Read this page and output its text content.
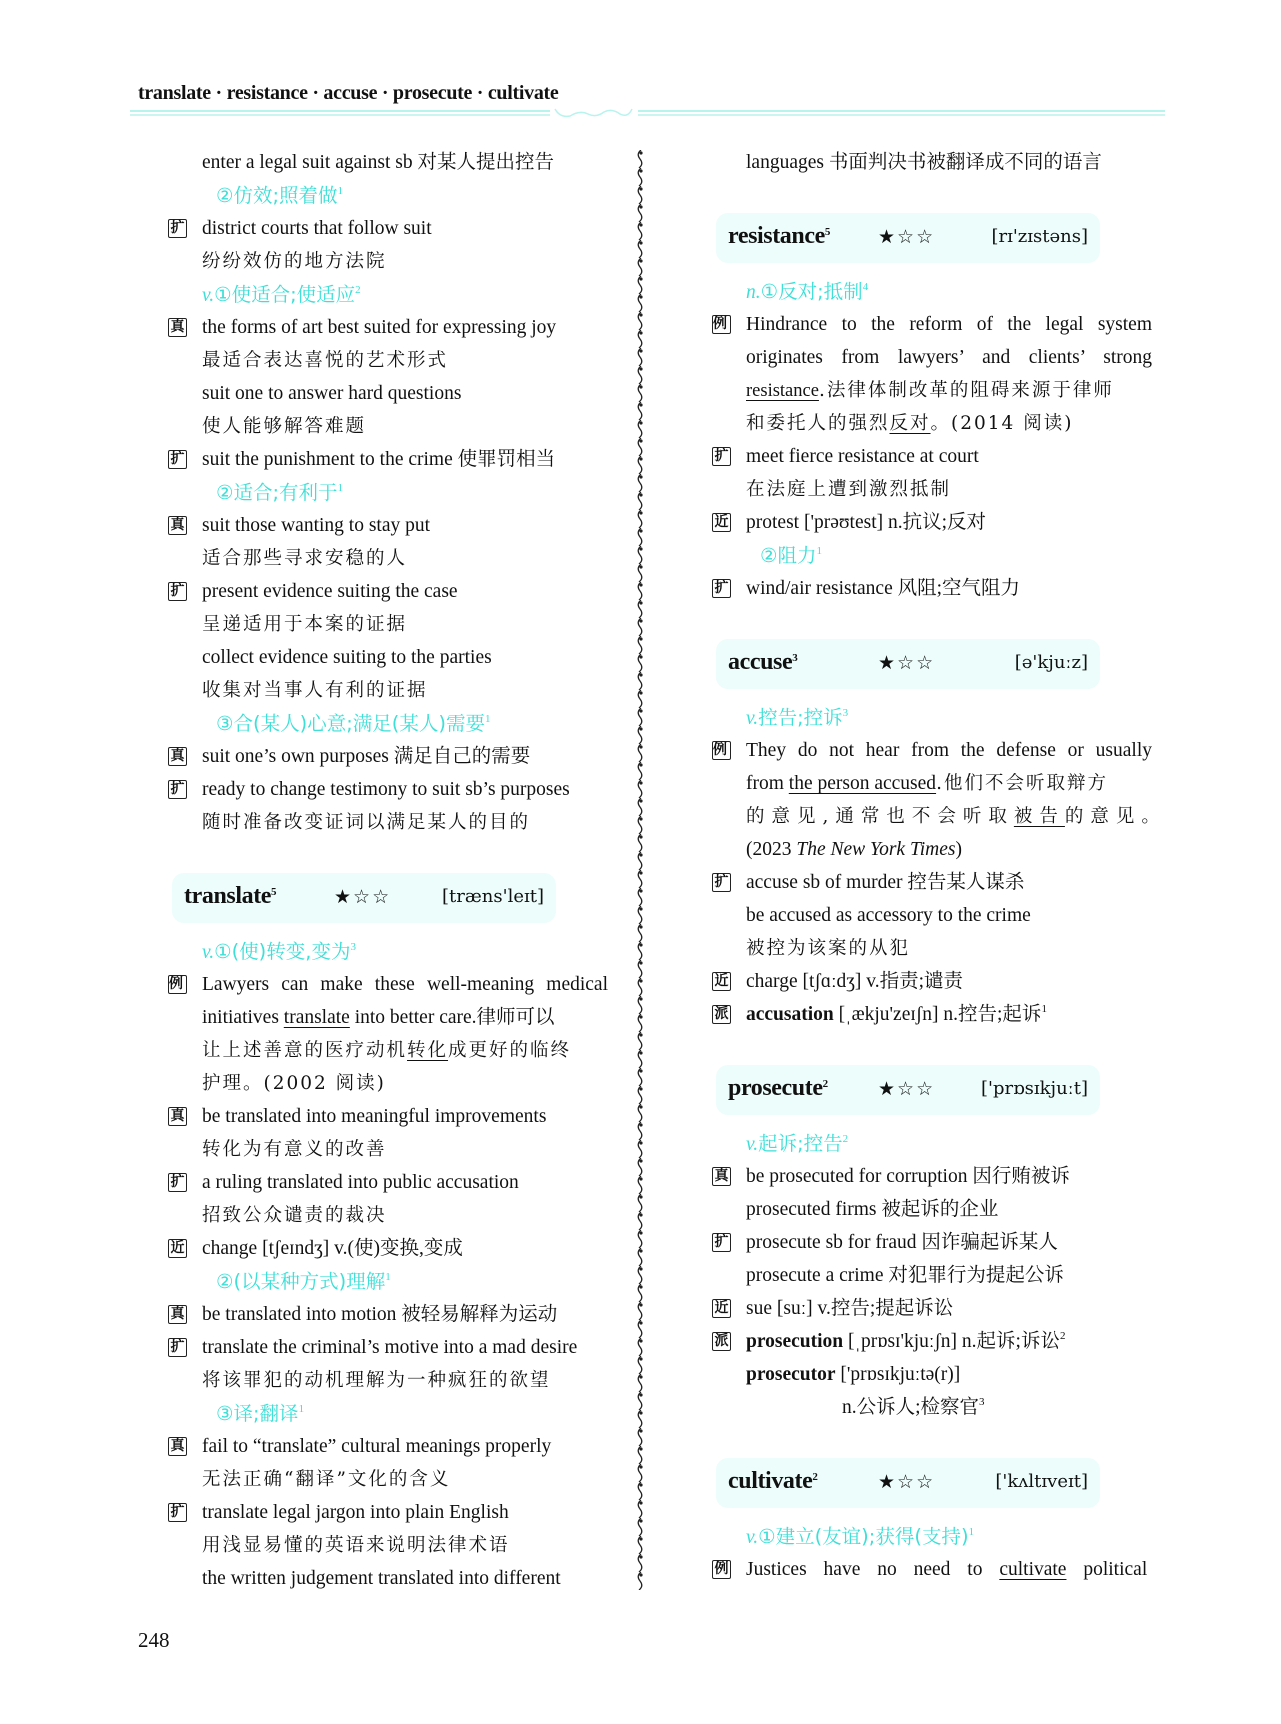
translate · resistance · accuse · prosecute · cultivate
enter a legal suit against sb 对某人提出控告
②仿效;照着做$^1$
扩 district courts that follow suit
纷纷效仿的地方法院
v.①使适合;使适应$^2$
真 the forms of art best suited for expressing joy
最适合表达喜悦的艺术形式
suit one to answer hard questions
使人能够解答难题
扩 suit the punishment to the crime 使罪罚相当
②适合;有利于$^1$
真 suit those wanting to stay put
适合那些寻求安稳的人
扩 present evidence suiting the case
呈递适用于本案的证据
collect evidence suiting to the parties
收集对当事人有利的证据
③合(某人)心意;满足(某人)需要$^1$
真 suit one’s own purposes 满足自己的需要
扩 ready to change testimony to suit sb’s purposes
随时准备改变证词以满足某人的目的
translate$^5$	★☆☆	[træns'leɪt]
v.①(使)转变,变为$^3$
例 Lawyers can make these well-meaning medical
initiatives translate into better care.律师可以
让上述善意的医疗动机转化成更好的临终
护理。(2002 阅读)
真 be translated into meaningful improvements
转化为有意义的改善
扩 a ruling translated into public accusation
招致公众谴责的裁决
近 change [tʃeɪndʒ] v.(使)变换,变成
②(以某种方式)理解$^1$
真 be translated into motion 被轻易解释为运动
扩 translate the criminal’s motive into a mad desire
将该罪犯的动机理解为一种疯狂的欲望
③译;翻译$^1$
真 fail to “translate” cultural meanings properly
无法正确“翻译”文化的含义
扩 translate legal jargon into plain English
用浅显易懂的英语来说明法律术语
the written judgement translated into different
languages 书面判决书被翻译成不同的语言
resistance$^5$	★☆☆	[rɪ'zɪstəns]
n.①反对;抵制$^4$
例 Hindrance to the reform of the legal system
originates from lawyers’ and clients’ strong
resistance.法律体制改革的阻碍来源于律师
和委托人的强烈反对。(2014 阅读)
扩 meet fierce resistance at court
在法庭上遭到激烈抵制
近 protest ['prəʊtest] n.抗议;反对
②阻力$^1$
扩 wind/air resistance 风阻;空气阻力
accuse$^3$	★☆☆	[ə'kjuːz]
v.控告;控诉$^3$
例 They do not hear from the defense or usually
from the person accused.他们不会听取辩方
的意见,通常也不会听取被告的意见。
(2023 The New York Times)
扩 accuse sb of murder 控告某人谋杀
be accused as accessory to the crime
被控为该案的从犯
近 charge [tʃɑːdʒ] v.指责;谴责
派 accusation [ˌækju'zeɪʃn] n.控告;起诉$^1$
prosecute$^2$	★☆☆	['prɒsɪkjuːt]
v.起诉;控告$^2$
真 be prosecuted for corruption 因行贿被诉
prosecuted firms 被起诉的企业
扩 prosecute sb for fraud 因诈骗起诉某人
prosecute a crime 对犯罪行为提起公诉
近 sue [suː] v.控告;提起诉讼
派 prosecution [ˌprɒsɪ'kjuːʃn] n.起诉;诉讼$^2$
prosecutor ['prɒsɪkjuːtə(r)]
n.公诉人;检察官$^3$
cultivate$^2$	★☆☆	['kʌltɪveɪt]
v.①建立(友谊);获得(支持)$^1$
例 Justices have no need to cultivate political
248
